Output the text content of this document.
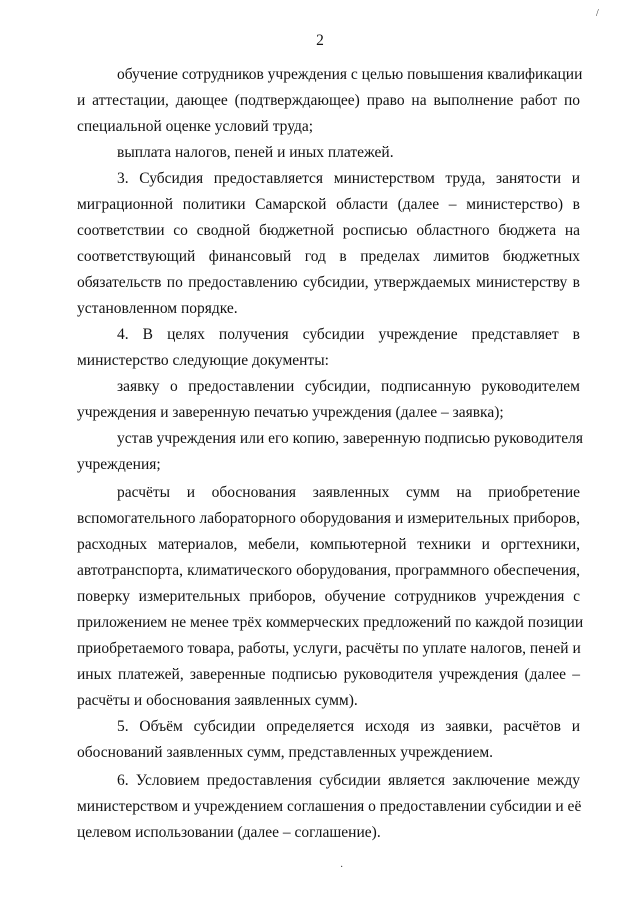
2
обучение сотрудников учреждения с целью повышения квалификации
и аттестации, дающее (подтверждающее) право на выполнение работ по
специальной оценке условий труда;
выплата налогов, пеней и иных платежей.
3. Субсидия предоставляется министерством труда, занятости и
миграционной политики Самарской области (далее – министерство) в
соответствии со сводной бюджетной росписью областного бюджета на
соответствующий финансовый год в пределах лимитов бюджетных
обязательств по предоставлению субсидии, утверждаемых министерству в
установленном порядке.
4. В целях получения субсидии учреждение представляет в
министерство следующие документы:
заявку о предоставлении субсидии, подписанную руководителем
учреждения и заверенную печатью учреждения (далее – заявка);
устав учреждения или его копию, заверенную подписью руководителя
учреждения;
расчёты и обоснования заявленных сумм на приобретение
вспомогательного лабораторного оборудования и измерительных приборов,
расходных материалов, мебели, компьютерной техники и оргтехники,
автотранспорта, климатического оборудования, программного обеспечения,
поверку измерительных приборов, обучение сотрудников учреждения с
приложением не менее трёх коммерческих предложений по каждой позиции
приобретаемого товара, работы, услуги, расчёты по уплате налогов, пеней и
иных платежей, заверенные подписью руководителя учреждения (далее –
расчёты и обоснования заявленных сумм).
5. Объём субсидии определяется исходя из заявки, расчётов и
обоснований заявленных сумм, представленных учреждением.
6. Условием предоставления субсидии является заключение между
министерством и учреждением соглашения о предоставлении субсидии и её
целевом использовании (далее – соглашение).
/
·
